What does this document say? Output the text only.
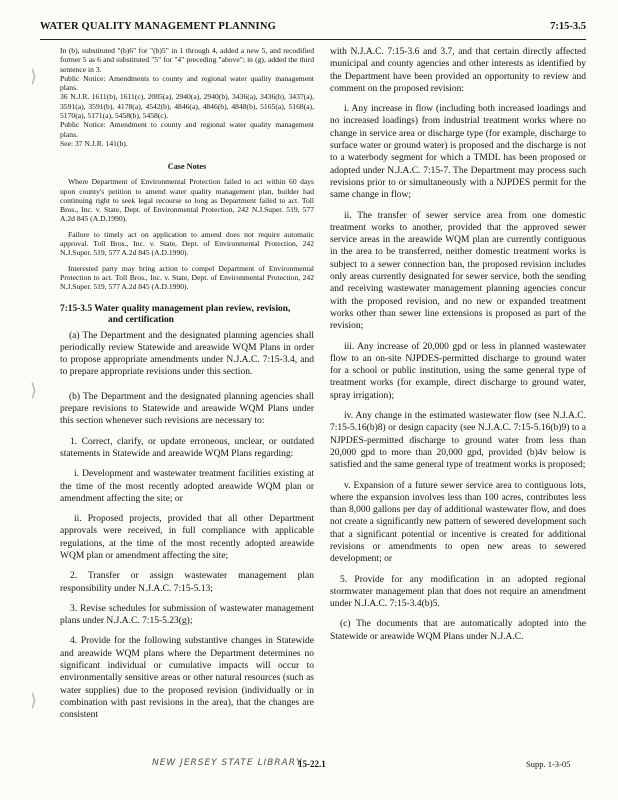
WATER QUALITY MANAGEMENT PLANNING	7:15-3.5
⟩
⟩
⟩

In (b), substituted "(b)6" for "(b)5" in 1 through 4, added a new 5, and recodified former 5 as 6 and substituted "5" for "4" preceding "above"; in (g), added the third sentence in 3.

Public Notice: Amendments to county and regional water quality management plans.

36 N.J.R. 1611(b), 1611(c), 2085(a), 2940(a), 2940(b), 3436(a), 3436(b), 3437(a), 3591(a), 3591(b), 4178(a), 4542(b), 4846(a), 4846(b), 4848(b), 5165(a), 5168(a), 5170(a), 5171(a), 5458(b), 5458(c).

Public Notice: Amendment to county and regional water quality management plans.

See: 37 N.J.R. 141(b).

Case Notes

Where Department of Environmental Protection failed to act within 60 days upon county's petition to amend water quality management plan, builder had continuing right to seek legal recourse so long as Department failed to act. Toll Bros., Inc. v. State, Dept. of Environmental Protection, 242 N.J.Super. 519, 577 A.2d 845 (A.D.1990).

Failure to timely act on application to amend does not require automatic approval. Toll Bros., Inc. v. State, Dept. of Environmental Protection, 242 N.J.Super. 519, 577 A.2d 845 (A.D.1990).

Interested party may bring action to compel Department of Environmental Protection to act. Toll Bros., Inc. v. State, Dept. of Environmental Protection, 242 N.J.Super. 519, 577 A.2d 845 (A.D.1990).

7:15-3.5 Water quality management plan review, revision,
and certification

(a) The Department and the designated planning agencies shall periodically review Statewide and areawide WQM Plans in order to propose appropriate amendments under N.J.A.C. 7:15-3.4, and to prepare appropriate revisions under this section.

(b) The Department and the designated planning agencies shall prepare revisions to Statewide and areawide WQM Plans under this section whenever such revisions are necessary to:

1. Correct, clarify, or update erroneous, unclear, or outdated statements in Statewide and areawide WQM Plans regarding:

i. Development and wastewater treatment facilities existing at the time of the most recently adopted areawide WQM plan or amendment affecting the site; or

ii. Proposed projects, provided that all other Department approvals were received, in full compliance with applicable regulations, at the time of the most recently adopted areawide WQM plan or amendment affecting the site;

2. Transfer or assign wastewater management plan responsibility under N.J.A.C. 7:15-5.13;

3. Revise schedules for submission of wastewater management plans under N.J.A.C. 7:15-5.23(g);

4. Provide for the following substantive changes in Statewide and areawide WQM plans where the Department determines no significant individual or cumulative impacts will occur to environmentally sensitive areas or other natural resources (such as water supplies) due to the proposed revision (individually or in combination with past revisions in the area), that the changes are consistent

with N.J.A.C. 7:15-3.6 and 3.7, and that certain directly affected municipal and county agencies and other interests as identified by the Department have been provided an opportunity to review and comment on the proposed revision:

i. Any increase in flow (including both increased loadings and no increased loadings) from industrial treatment works where no change in service area or discharge type (for example, discharge to surface water or ground water) is proposed and the discharge is not to a waterbody segment for which a TMDL has been proposed or adopted under N.J.A.C. 7:15-7. The Department may process such revisions prior to or simultaneously with a NJPDES permit for the same change in flow;

ii. The transfer of sewer service area from one domestic treatment works to another, provided that the approved sewer service areas in the areawide WQM plan are currently contiguous in the area to be transferred, neither domestic treatment works is subject to a sewer connection ban, the proposed revision includes only areas currently designated for sewer service, both the sending and receiving wastewater management planning agencies concur with the proposed revision, and no new or expanded treatment works other than sewer line extensions is proposed as part of the revision;

iii. Any increase of 20,000 gpd or less in planned wastewater flow to an on-site NJPDES-permitted discharge to ground water for a school or public institution, using the same general type of treatment works (for example, direct discharge to ground water, spray irrigation);

iv. Any change in the estimated wastewater flow (see N.J.A.C. 7:15-5.16(b)8) or design capacity (see N.J.A.C. 7:15-5.16(b)9) to a NJPDES-permitted discharge to ground water from less than 20,000 gpd to more than 20,000 gpd, provided (b)4v below is satisfied and the same general type of treatment works is proposed;

v. Expansion of a future sewer service area to contiguous lots, where the expansion involves less than 100 acres, contributes less than 8,000 gallons per day of additional wastewater flow, and does not create a significantly new pattern of sewered development such that a significant potential or incentive is created for additional revisions or amendments to open new areas to sewered development; or

5. Provide for any modification in an adopted regional stormwater management plan that does not require an amendment under N.J.A.C. 7:15-3.4(b)5.

(c) The documents that are automatically adopted into the Statewide or areawide WQM Plans under N.J.A.C.

NEW JERSEY STATE LIBRARY
15-22.1	Supp. 1-3-05
